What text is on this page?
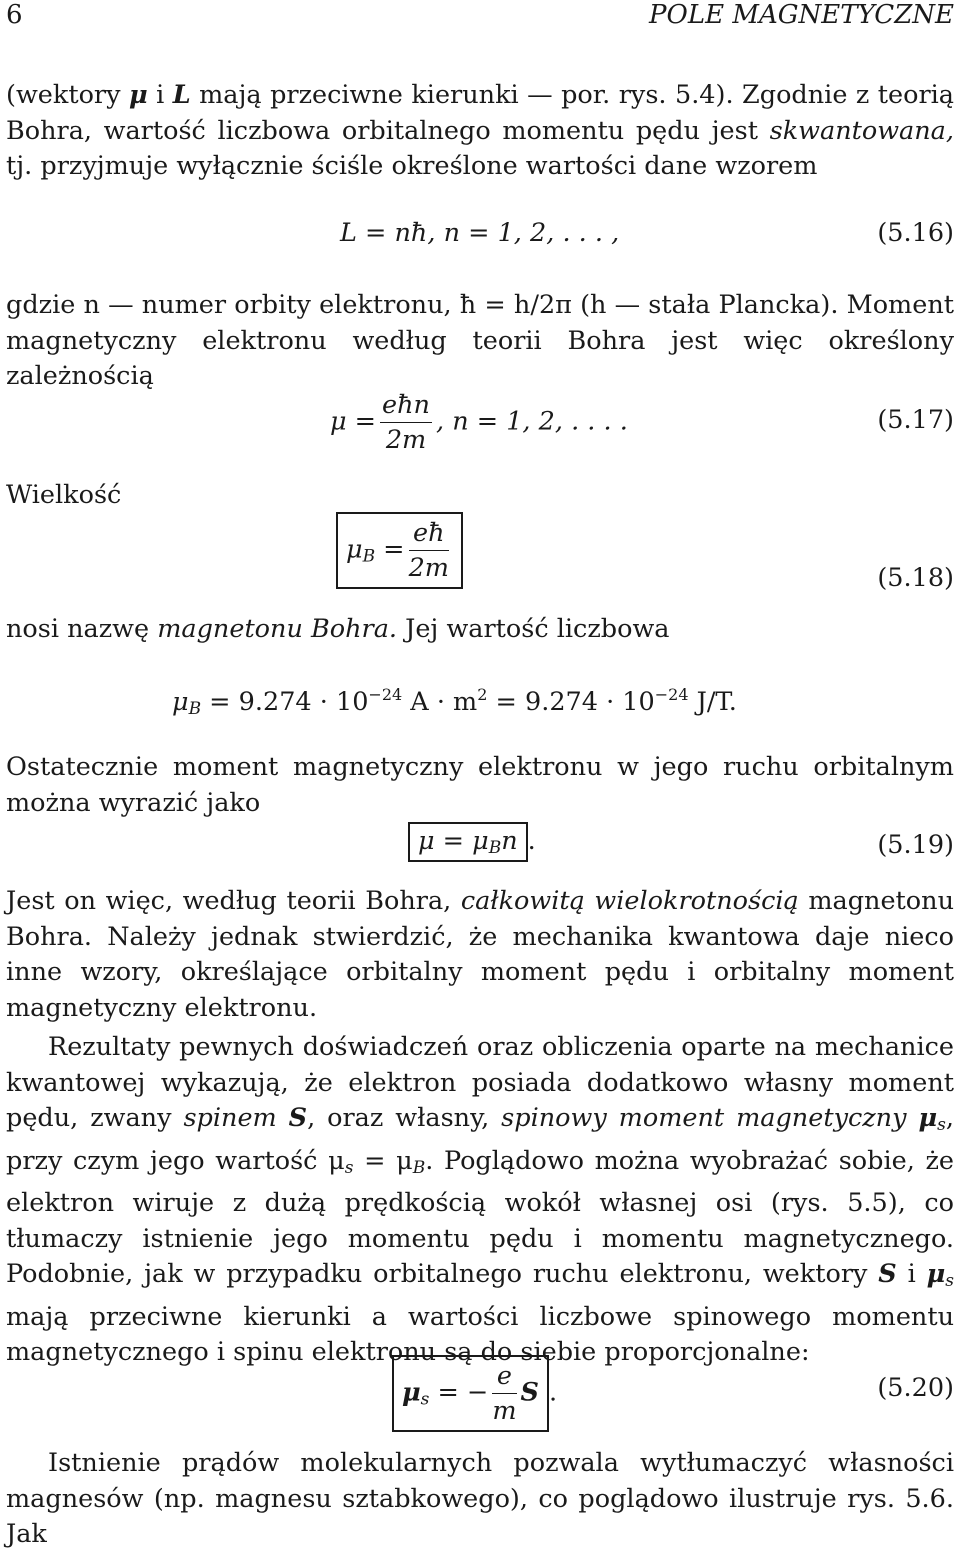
6	POLE MAGNETYCZNE

(wektory μ i L mają przeciwne kierunki — por. rys. 5.4). Zgodnie z teorią Bohra, wartość liczbowa orbitalnego momentu pędu jest skwantowana, tj. przyjmuje wyłącznie ściśle określone wartości dane wzorem

L = nħ, n = 1, 2, . . . ,	(5.16)

gdzie n — numer orbity elektronu, ħ = h/2π (h — stała Plancka). Moment magnetyczny elektronu według teorii Bohra jest więc określony zależnością

$\mu = \frac{\text{eħn}}{2m}$ , n = 1, 2, . . . .	(5.17)
Wielkość
$\mu_B = \frac{eħ}{2m}$	(5.18)

nosi nazwę magnetonu Bohra. Jej wartość liczbowa

$\mu_B = 9.274 \cdot 10^{-24}$ $A \cdot m^2 = 9.274 \cdot 10^{-24}$ J/T.

Ostatecznie moment magnetyczny elektronu w jego ruchu orbitalnym można wyrazić jako

$\mu = \mu_Bn$ .	(5.19)

Jest on więc, według teorii Bohra, całkowitą wielokrotnością magnetonu Bohra. Należy jednak stwierdzić, że mechanika kwantowa daje nieco inne wzory, określające orbitalny moment pędu i orbitalny moment magnetyczny elektronu.

Rezultaty pewnych doświadczeń oraz obliczenia oparte na mechanice kwantowej wykazują, że elektron posiada dodatkowo własny moment pędu, zwany spinem S, oraz własny, spinowy moment magnetyczny $\mu_s$, przy czym jego wartość $\mu_s = \mu_B$. Poglądowo można wyobrażać sobie, że elektron wiruje z dużą prędkością wokół własnej osi (rys. 5.5), co tłumaczy istnienie jego momentu pędu i momentu magnetycznego. Podobnie, jak w przypadku orbitalnego ruchu elektronu, wektory S i $\mu_s$ mają przeciwne kierunki a wartości liczbowe spinowego momentu magnetycznego i spinu elektronu są do siebie proporcjonalne:

$\mu_s$ = − $\frac{e}{m}$ S .	(5.20)

Istnienie prądów molekularnych pozwala wytłumaczyć własności magnesów (np. magnesu sztabkowego), co poglądowo ilustruje rys. 5.6. Jak
